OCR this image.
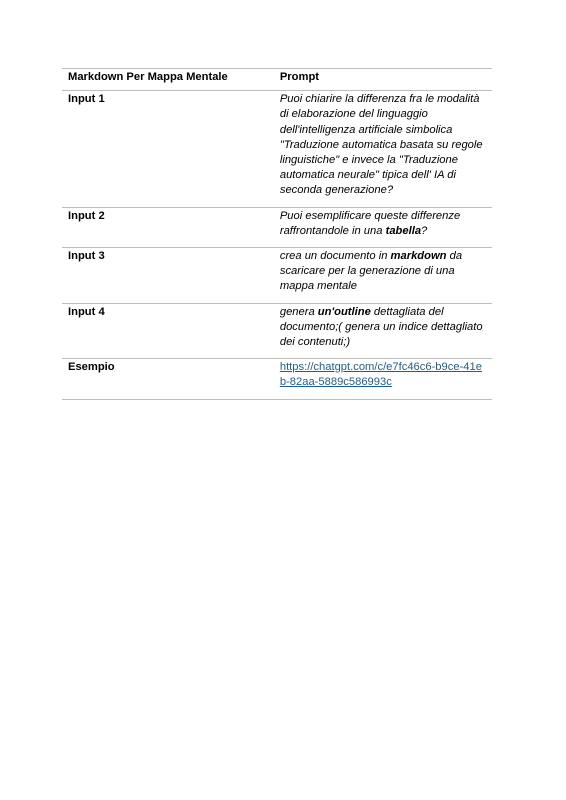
Markdown Per Mappa Mentale	Prompt
Input 1	Puoi chiarire la differenza fra le modalità di elaborazione del linguaggio dell'intelligenza artificiale simbolica "Traduzione automatica basata su regole linguistiche" e invece la "Traduzione automatica neurale" tipica dell' IA di seconda generazione?
Input 2	Puoi esemplificare queste differenze raffrontandole in una tabella?
Input 3	crea un documento in markdown da scaricare per la generazione di una mappa mentale
Input 4	genera un'outline dettagliata del documento;( genera un indice dettagliato dei contenuti;)
Esempio	https://chatgpt.com/c/e7fc46c6-b9ce-41eb-82aa-5889c586993c
